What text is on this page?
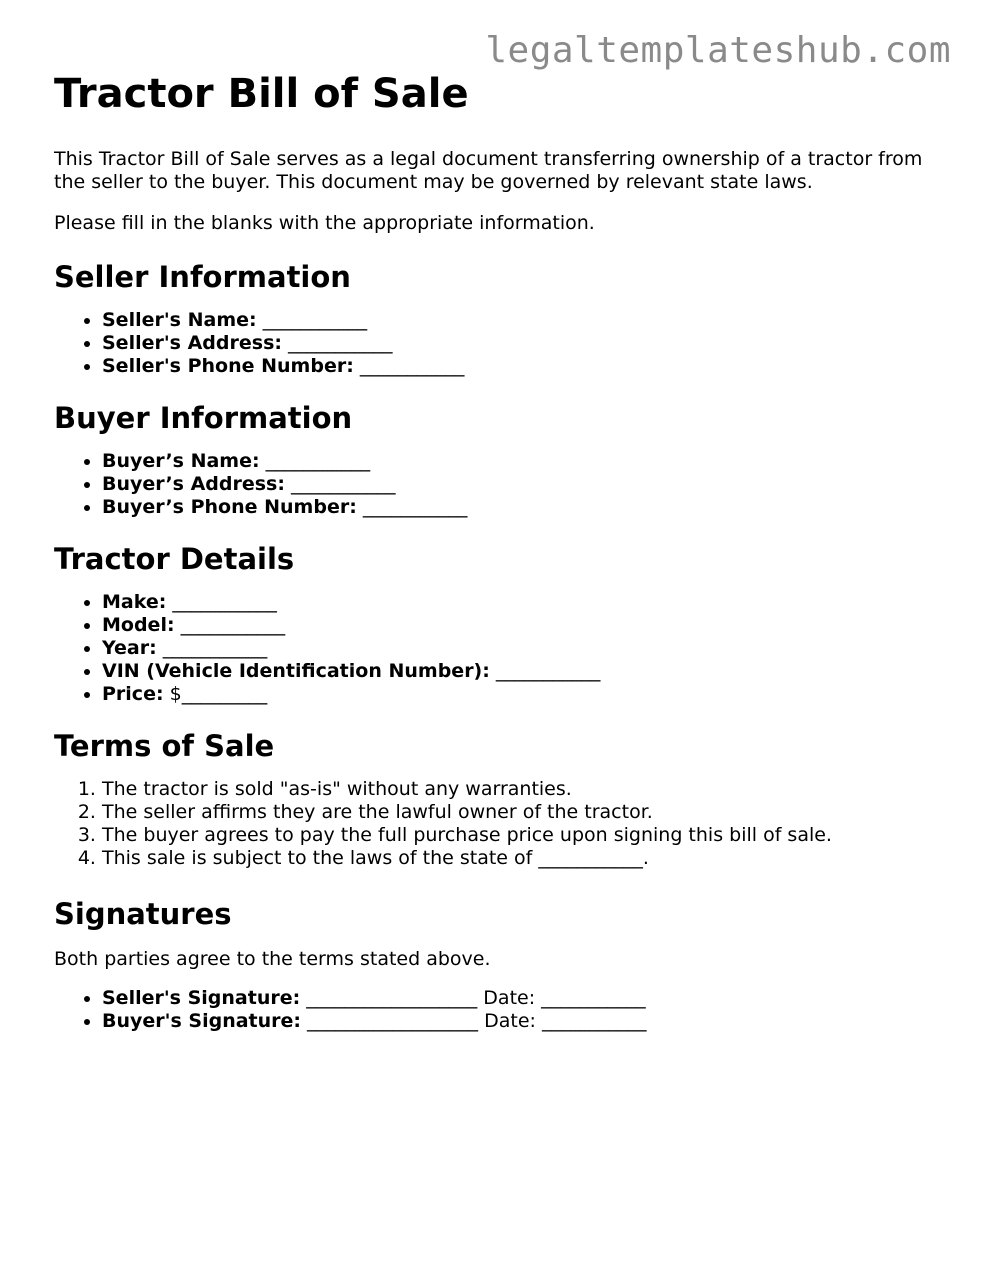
legaltemplateshub.com
Tractor Bill of Sale

This Tractor Bill of Sale serves as a legal document transferring ownership of a tractor from the seller to the buyer. This document may be governed by relevant state laws.

Please fill in the blanks with the appropriate information.

Seller Information
• Seller's Name: ___________
• Seller's Address: ___________
• Seller's Phone Number: ___________
Buyer Information
• Buyer’s Name: ___________
• Buyer’s Address: ___________
• Buyer’s Phone Number: ___________
Tractor Details
• Make: ___________
• Model: ___________
• Year: ___________
• VIN (Vehicle Identification Number): ___________
• Price: $_________
Terms of Sale
1. The tractor is sold "as-is" without any warranties.
2. The seller affirms they are the lawful owner of the tractor.
3. The buyer agrees to pay the full purchase price upon signing this bill of sale.
4. This sale is subject to the laws of the state of ___________.
Signatures

Both parties agree to the terms stated above.

• Seller's Signature: __________________ Date: ___________
• Buyer's Signature: __________________ Date: ___________
